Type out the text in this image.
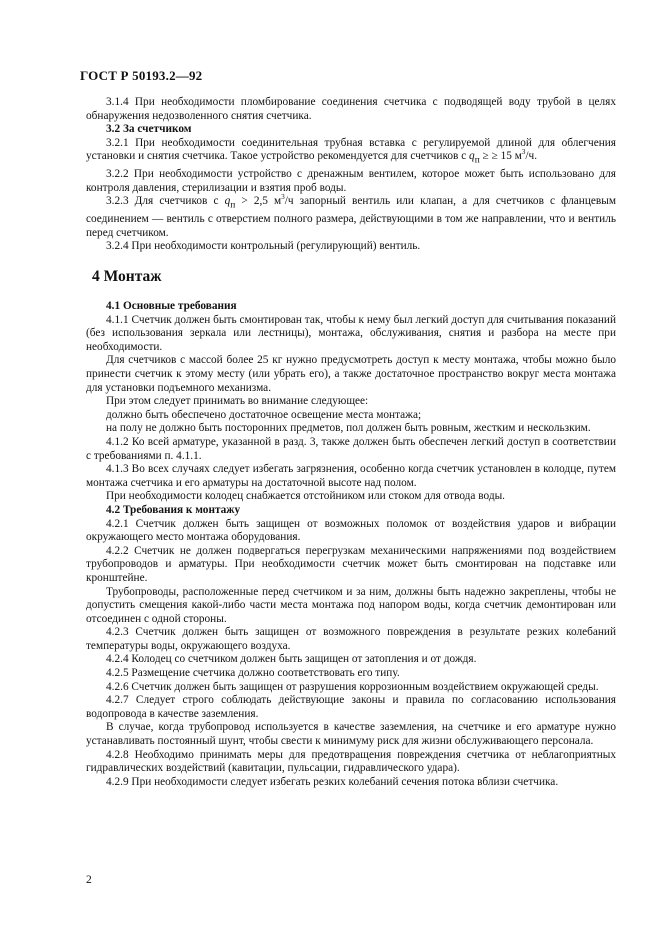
ГОСТ Р 50193.2—92

3.1.4 При необходимости пломбирование соединения счетчика с подводящей воду трубой в целях обнаружения недозволенного снятия счетчика.

3.2 За счетчиком

3.2.1 При необходимости соединительная трубная вставка с регулируемой длиной для облегчения установки и снятия счетчика. Такое устройство рекомендуется для счетчиков с $q_п$ ≥ ≥ 15 $м^3/ч$.

3.2.2 При необходимости устройство с дренажным вентилем, которое может быть использовано для контроля давления, стерилизации и взятия проб воды.

3.2.3 Для счетчиков с $q_п > 2,5$ $м^3/ч$ запорный вентиль или клапан, а для счетчиков с фланцевым соединением — вентиль с отверстием полного размера, действующими в том же направлении, что и вентиль перед счетчиком.

3.2.4 При необходимости контрольный (регулирующий) вентиль.

4 Монтаж

4.1 Основные требования

4.1.1 Счетчик должен быть смонтирован так, чтобы к нему был легкий доступ для считывания показаний (без использования зеркала или лестницы), монтажа, обслуживания, снятия и разбора на месте при необходимости.

Для счетчиков с массой более 25 кг нужно предусмотреть доступ к месту монтажа, чтобы можно было принести счетчик к этому месту (или убрать его), а также достаточное пространство вокруг места монтажа для установки подъемного механизма.

При этом следует принимать во внимание следующее:

должно быть обеспечено достаточное освещение места монтажа;

на полу не должно быть посторонних предметов, пол должен быть ровным, жестким и нескользким.

4.1.2 Ко всей арматуре, указанной в разд. 3, также должен быть обеспечен легкий доступ в соответствии с требованиями п. 4.1.1.

4.1.3 Во всех случаях следует избегать загрязнения, особенно когда счетчик установлен в колодце, путем монтажа счетчика и его арматуры на достаточной высоте над полом.

При необходимости колодец снабжается отстойником или стоком для отвода воды.

4.2 Требования к монтажу

4.2.1 Счетчик должен быть защищен от возможных поломок от воздействия ударов и вибрации окружающего место монтажа оборудования.

4.2.2 Счетчик не должен подвергаться перегрузкам механическими напряжениями под воздействием трубопроводов и арматуры. При необходимости счетчик может быть смонтирован на подставке или кронштейне.

Трубопроводы, расположенные перед счетчиком и за ним, должны быть надежно закреплены, чтобы не допустить смещения какой-либо части места монтажа под напором воды, когда счетчик демонтирован или отсоединен с одной стороны.

4.2.3 Счетчик должен быть защищен от возможного повреждения в результате резких колебаний температуры воды, окружающего воздуха.

4.2.4 Колодец со счетчиком должен быть защищен от затопления и от дождя.

4.2.5 Размещение счетчика должно соответствовать его типу.

4.2.6 Счетчик должен быть защищен от разрушения коррозионным воздействием окружающей среды.

4.2.7 Следует строго соблюдать действующие законы и правила по согласованию использования водопровода в качестве заземления.

В случае, когда трубопровод используется в качестве заземления, на счетчике и его арматуре нужно устанавливать постоянный шунт, чтобы свести к минимуму риск для жизни обслуживающего персонала.

4.2.8 Необходимо принимать меры для предотвращения повреждения счетчика от неблагоприятных гидравлических воздействий (кавитации, пульсации, гидравлического удара).

4.2.9 При необходимости следует избегать резких колебаний сечения потока вблизи счетчика.

2
